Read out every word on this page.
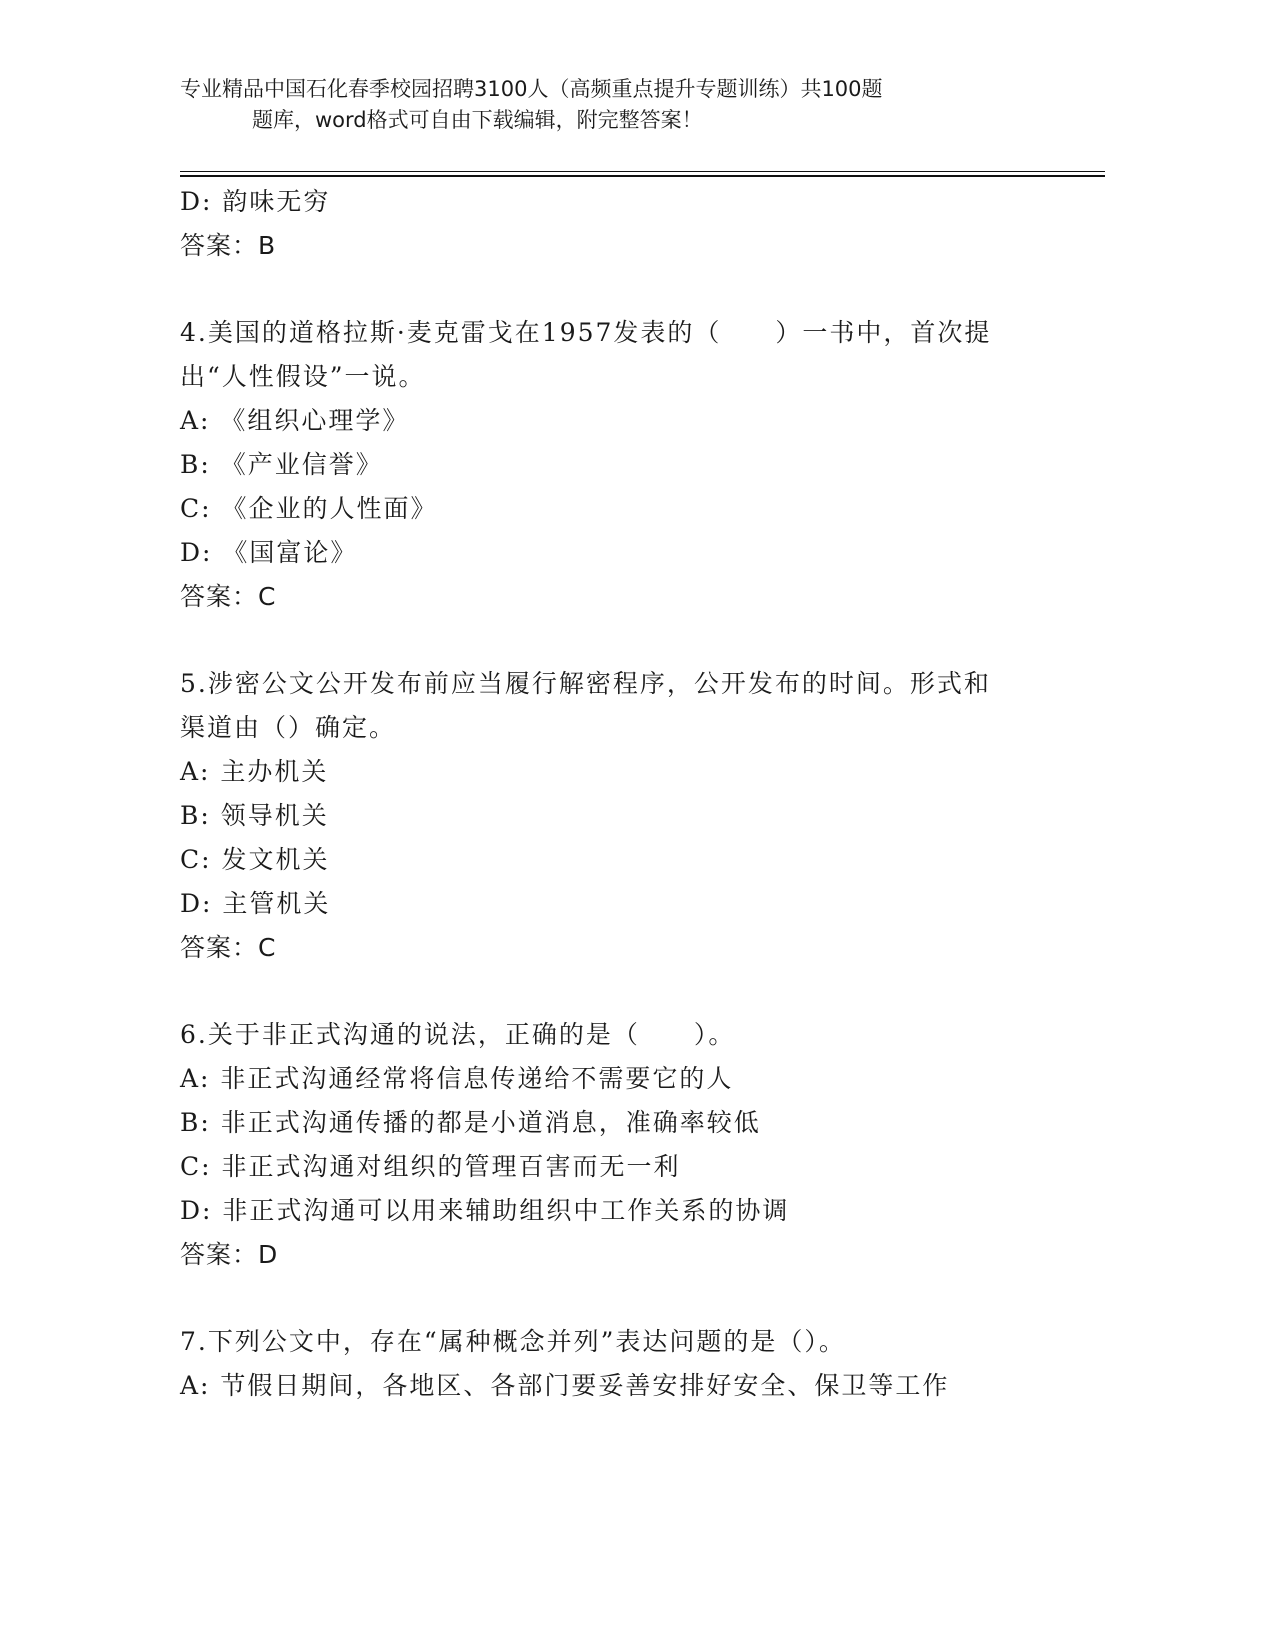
专业精品中国石化春季校园招聘3100人（高频重点提升专题训练）共100题
题库，word格式可自由下载编辑，附完整答案！
D: 韵味无穷
答案：B
4.美国的道格拉斯·麦克雷戈在1957发表的（　　）一书中，首次提
出“人性假设”一说。
A: 《组织心理学》
B: 《产业信誉》
C: 《企业的人性面》
D: 《国富论》
答案：C
5.涉密公文公开发布前应当履行解密程序，公开发布的时间。形式和
渠道由（）确定。
A: 主办机关
B: 领导机关
C: 发文机关
D: 主管机关
答案：C
6.关于非正式沟通的说法，正确的是（　　）。
A: 非正式沟通经常将信息传递给不需要它的人
B: 非正式沟通传播的都是小道消息，准确率较低
C: 非正式沟通对组织的管理百害而无一利
D: 非正式沟通可以用来辅助组织中工作关系的协调
答案：D
7.下列公文中，存在“属种概念并列”表达问题的是（）。
A: 节假日期间，各地区、各部门要妥善安排好安全、保卫等工作
